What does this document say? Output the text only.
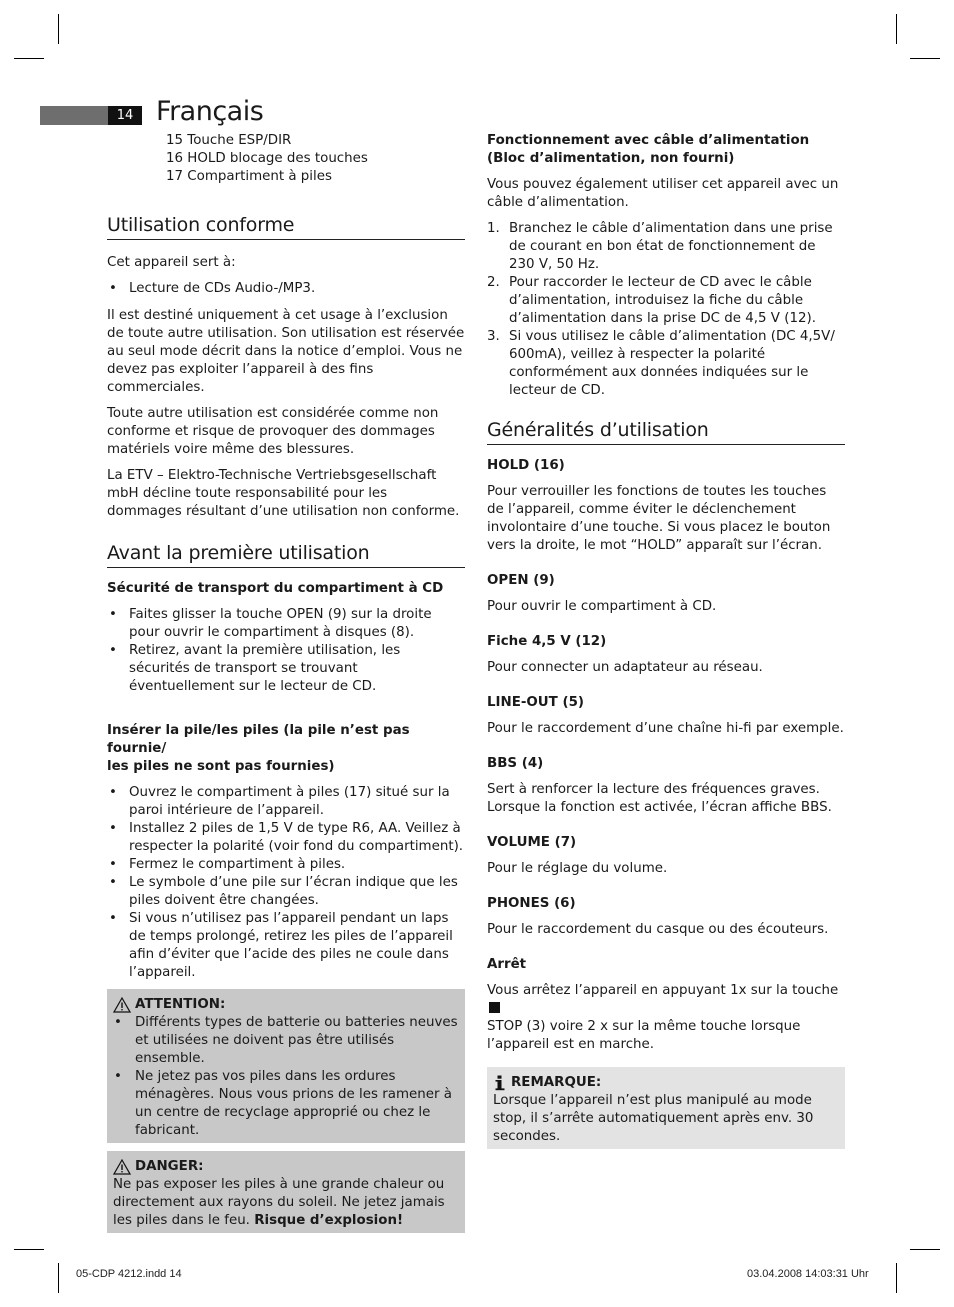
14 Français
15 Touche ESP/DIR
16 HOLD blocage des touches
17 Compartiment à piles
Utilisation conforme

Cet appareil sert à:

• Lecture de CDs Audio-/MP3.

Il est destiné uniquement à cet usage à l’exclusion de toute autre utilisation. Son utilisation est réservée au seul mode décrit dans la notice d’emploi. Vous ne devez pas exploiter l’appareil à des fins commerciales.

Toute autre utilisation est considérée comme non conforme et risque de provoquer des dommages matériels voire même des blessures.

La ETV – Elektro-Technische Vertriebsgesellschaft mbH décline toute responsabilité pour les dommages résultant d’une utilisation non conforme.

Avant la première utilisation
Sécurité de transport du compartiment à CD
• Faites glisser la touche OPEN (9) sur la droite pour ouvrir le compartiment à disques (8).
• Retirez, avant la première utilisation, les sécurités de transport se trouvant éventuellement sur le lecteur de CD.
Insérer la pile/les piles (la pile n’est pas fournie/
les piles ne sont pas fournies)
• Ouvrez le compartiment à piles (17) situé sur la paroi intérieure de l’appareil.
• Installez 2 piles de 1,5 V de type R6, AA. Veillez à respecter la polarité (voir fond du compartiment).
• Fermez le compartiment à piles.
• Le symbole d’une pile sur l’écran indique que les piles doivent être changées.
• Si vous n’utilisez pas l’appareil pendant un laps de temps prolongé, retirez les piles de l’appareil afin d’éviter que l’acide des piles ne coule dans l’appareil.
ATTENTION:
• Différents types de batterie ou batteries neuves et utilisées ne doivent pas être utilisés ensemble.
• Ne jetez pas vos piles dans les ordures ménagères. Nous vous prions de les ramener à un centre de recyclage approprié ou chez le fabricant.
DANGER:

Ne pas exposer les piles à une grande chaleur ou directement aux rayons du soleil. Ne jetez jamais les piles dans le feu. Risque d’explosion!

Fonctionnement avec câble d’alimentation
(Bloc d’alimentation, non fourni)

Vous pouvez également utiliser cet appareil avec un câble d’alimentation.

1. Branchez le câble d’alimentation dans une prise de courant en bon état de fonctionnement de 230 V, 50 Hz.
2. Pour raccorder le lecteur de CD avec le câble d’alimentation, introduisez la fiche du câble d’alimentation dans la prise DC de 4,5 V (12).
3. Si vous utilisez le câble d’alimentation (DC 4,5V/ 600mA), veillez à respecter la polarité conformément aux données indiquées sur le lecteur de CD.
Généralités d’utilisation
HOLD (16)

Pour verrouiller les fonctions de toutes les touches de l’appareil, comme éviter le déclenchement involontaire d’une touche. Si vous placez le bouton vers la droite, le mot “HOLD” apparaît sur l’écran.

OPEN (9)

Pour ouvrir le compartiment à CD.

Fiche 4,5 V (12)

Pour connecter un adaptateur au réseau.

LINE-OUT (5)

Pour le raccordement d’une chaîne hi-fi par exemple.

BBS (4)

Sert à renforcer la lecture des fréquences graves. Lorsque la fonction est activée, l’écran affiche BBS.

VOLUME (7)

Pour le réglage du volume.

PHONES (6)

Pour le raccordement du casque ou des écouteurs.

Arrêt

Vous arrêtez l’appareil en appuyant 1x sur la touche
STOP (3) voire 2 x sur la même touche lorsque l’appareil est en marche.

REMARQUE:

Lorsque l’appareil n’est plus manipulé au mode stop, il s’arrête automatiquement après env. 30 secondes.

05-CDP 4212.indd 14	03.04.2008 14:03:31 Uhr
